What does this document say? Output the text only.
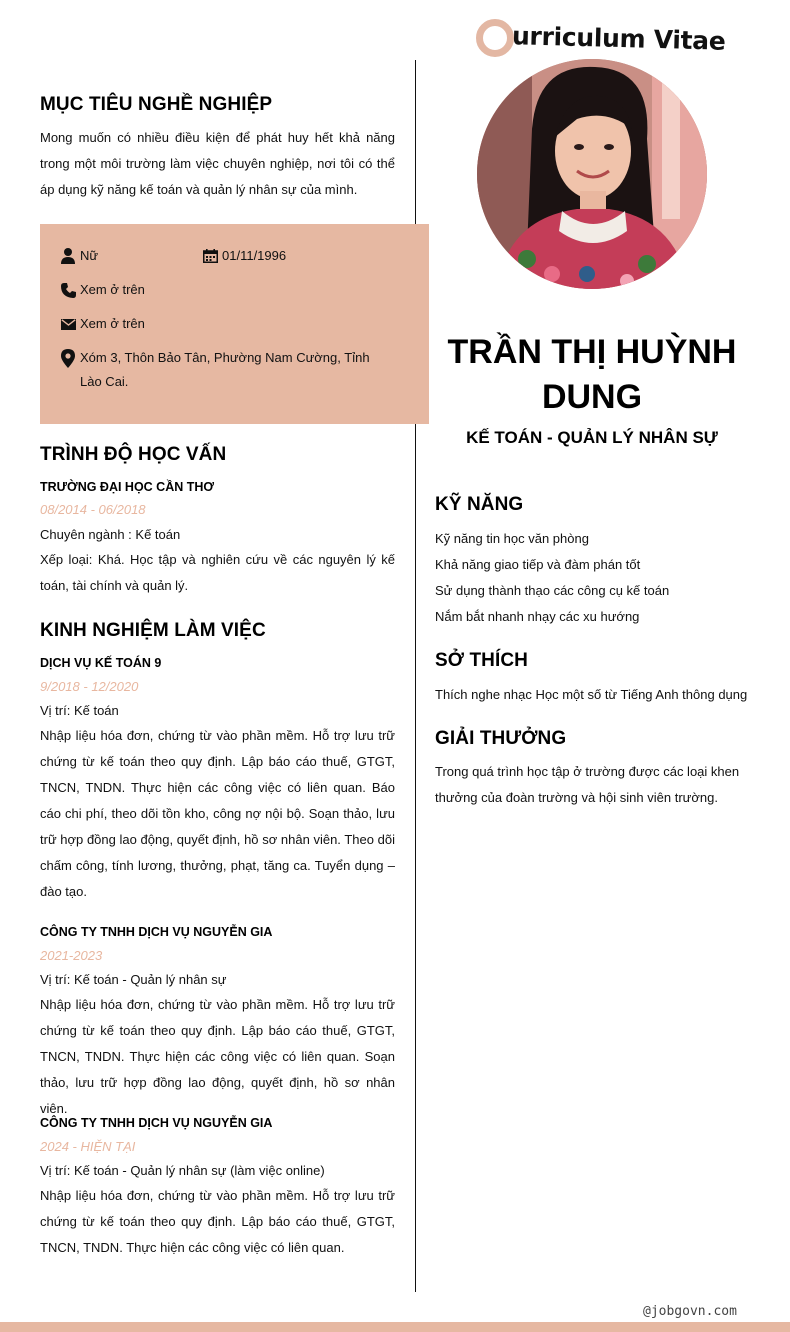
urriculum Vitae
MỤC TIÊU NGHỀ NGHIỆP
Mong muốn có nhiều điều kiện để phát huy hết khả năng trong một môi trường làm việc chuyên nghiệp, nơi tôi có thể áp dụng kỹ năng kế toán và quản lý nhân sự của mình.
Nữ	01/11/1996
Xem ở trên
Xem ở trên
Xóm 3, Thôn Bảo Tân, Phường Nam Cường, Tỉnh Lào Cai.
TRÌNH ĐỘ HỌC VẤN
TRƯỜNG ĐẠI HỌC CẦN THƠ
08/2014 - 06/2018
Chuyên ngành : Kế toán
Xếp loại: Khá. Học tập và nghiên cứu về các nguyên lý kế toán, tài chính và quản lý.
KINH NGHIỆM LÀM VIỆC
DỊCH VỤ KẾ TOÁN 9
9/2018 - 12/2020
Vị trí: Kế toán
Nhập liệu hóa đơn, chứng từ vào phần mềm. Hỗ trợ lưu trữ chứng từ kế toán theo quy định. Lập báo cáo thuế, GTGT, TNCN, TNDN. Thực hiện các công việc có liên quan. Báo cáo chi phí, theo dõi tồn kho, công nợ nội bộ. Soạn thảo, lưu trữ hợp đồng lao động, quyết định, hồ sơ nhân viên. Theo dõi chấm công, tính lương, thưởng, phạt, tăng ca. Tuyển dụng – đào tạo.
CÔNG TY TNHH DỊCH VỤ NGUYỄN GIA
2021-2023
Vị trí: Kế toán - Quản lý nhân sự
Nhập liệu hóa đơn, chứng từ vào phần mềm. Hỗ trợ lưu trữ chứng từ kế toán theo quy định. Lập báo cáo thuế, GTGT, TNCN, TNDN. Thực hiện các công việc có liên quan. Soạn thảo, lưu trữ hợp đồng lao động, quyết định, hồ sơ nhân viên.
CÔNG TY TNHH DỊCH VỤ NGUYỄN GIA
2024 - HIỆN TẠI
Vị trí: Kế toán - Quản lý nhân sự (làm việc online)
Nhập liệu hóa đơn, chứng từ vào phần mềm. Hỗ trợ lưu trữ chứng từ kế toán theo quy định. Lập báo cáo thuế, GTGT, TNCN, TNDN. Thực hiện các công việc có liên quan.
TRẦN THỊ HUỲNH
DUNG
KẾ TOÁN - QUẢN LÝ NHÂN SỰ
KỸ NĂNG
Kỹ năng tin học văn phòng
Khả năng giao tiếp và đàm phán tốt
Sử dụng thành thạo các công cụ kế toán
Nắm bắt nhanh nhạy các xu hướng
SỞ THÍCH
Thích nghe nhạc Học một số từ Tiếng Anh thông dụng
GIẢI THƯỞNG
Trong quá trình học tập ở trường được các loại khen thưởng của đoàn trường và hội sinh viên trường.
@jobgovn.com
